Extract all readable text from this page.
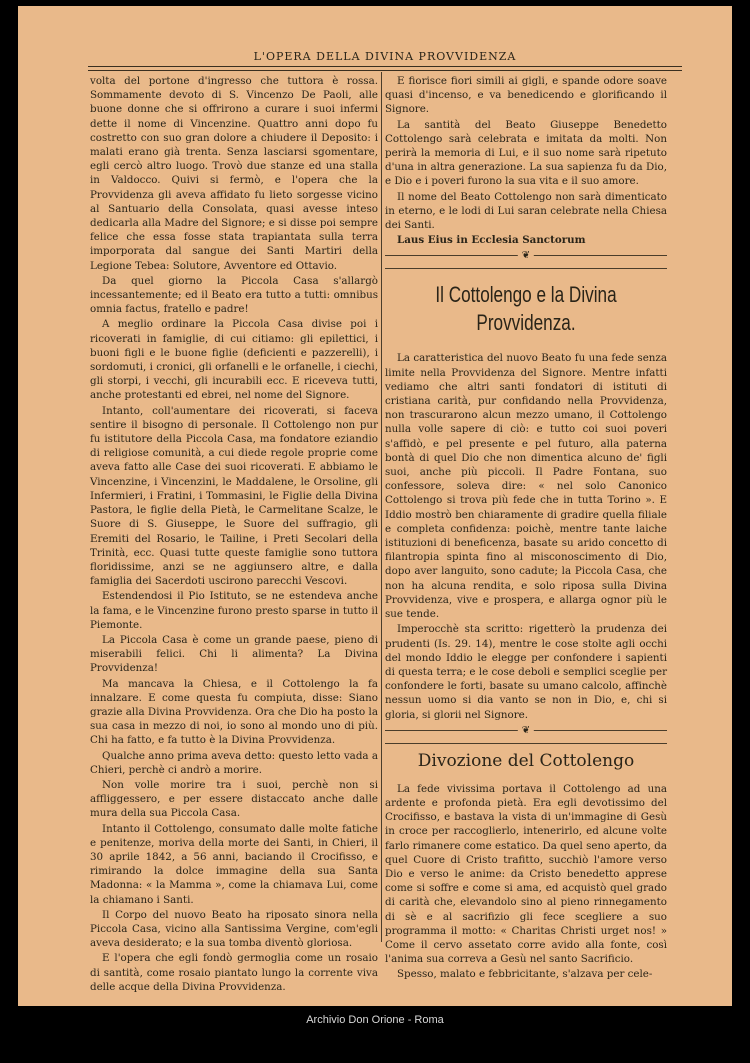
L'OPERA DELLA DIVINA PROVVIDENZA

volta del portone d'ingresso che tuttora è rossa. Sommamente devoto di S. Vincenzo De Paoli, alle buone donne che si offrirono a curare i suoi infermi dette il nome di Vincenzine. Quattro anni dopo fu costretto con suo gran dolore a chiudere il Deposito: i malati erano già trenta. Senza lasciarsi sgomentare, egli cercò altro luogo. Trovò due stanze ed una stalla in Valdocco. Quivi si fermò, e l'opera che la Provvidenza gli aveva affidato fu lieto sorgesse vicino al Santuario della Consolata, quasi avesse inteso dedicarla alla Madre del Signore; e si disse poi sempre felice che essa fosse stata trapiantata sulla terra imporporata dal sangue dei Santi Martiri della Legione Tebea: Solutore, Avventore ed Ottavio.

Da quel giorno la Piccola Casa s'allargò incessantemente; ed il Beato era tutto a tutti: omnibus omnia factus, fratello e padre!

A meglio ordinare la Piccola Casa divise poi i ricoverati in famiglie, di cui citiamo: gli epilettici, i buoni figli e le buone figlie (deficienti e pazzerelli), i sordomuti, i cronici, gli orfanelli e le orfanelle, i ciechi, gli storpi, i vecchi, gli incurabili ecc. E riceveva tutti, anche protestanti ed ebrei, nel nome del Signore.

Intanto, coll'aumentare dei ricoverati, si faceva sentire il bisogno di personale. Il Cottolengo non pur fu istitutore della Piccola Casa, ma fondatore eziandio di religiose comunità, a cui diede regole proprie come aveva fatto alle Case dei suoi ricoverati. E abbiamo le Vincenzine, i Vincenzini, le Maddalene, le Orsoline, gli Infermieri, i Fratini, i Tommasini, le Figlie della Divina Pastora, le figlie della Pietà, le Carmelitane Scalze, le Suore di S. Giuseppe, le Suore del suffragio, gli Eremiti del Rosario, le Tailine, i Preti Secolari della Trinità, ecc. Quasi tutte queste famiglie sono tuttora floridissime, anzi se ne aggiunsero altre, e dalla famiglia dei Sacerdoti uscirono parecchi Vescovi.

Estendendosi il Pio Istituto, se ne estendeva anche la fama, e le Vincenzine furono presto sparse in tutto il Piemonte.

La Piccola Casa è come un grande paese, pieno di miserabili felici. Chi li alimenta? La Divina Provvidenza!

Ma mancava la Chiesa, e il Cottolengo la fa innalzare. E come questa fu compiuta, disse: Siano grazie alla Divina Provvidenza. Ora che Dio ha posto la sua casa in mezzo di noi, io sono al mondo uno di più. Chi ha fatto, e fa tutto è la Divina Provvidenza.

Qualche anno prima aveva detto: questo letto vada a Chieri, perchè ci andrò a morire.

Non volle morire tra i suoi, perchè non si affliggessero, e per essere distaccato anche dalle mura della sua Piccola Casa.

Intanto il Cottolengo, consumato dalle molte fatiche e penitenze, moriva della morte dei Santi, in Chieri, il 30 aprile 1842, a 56 anni, baciando il Crocifisso, e rimirando la dolce immagine della sua Santa Madonna: « la Mamma », come la chiamava Lui, come la chiamano i Santi.

Il Corpo del nuovo Beato ha riposato sinora nella Piccola Casa, vicino alla Santissima Vergine, com'egli aveva desiderato; e la sua tomba diventò gloriosa.

E l'opera che egli fondò germoglia come un rosaio di santità, come rosaio piantato lungo la corrente viva delle acque della Divina Provvidenza.

E fiorisce fiori simili ai gigli, e spande odore soave quasi d'incenso, e va benedicendo e glorificando il Signore.

La santità del Beato Giuseppe Benedetto Cottolengo sarà celebrata e imitata da molti. Non perirà la memoria di Lui, e il suo nome sarà ripetuto d'una in altra generazione. La sua sapienza fu da Dio, e Dio e i poveri furono la sua vita e il suo amore.

Il nome del Beato Cottolengo non sarà dimenticato in eterno, e le lodi di Lui saran celebrate nella Chiesa dei Santi.

Laus Eius in Ecclesia Sanctorum

❦
Il Cottolengo e la Divina Provvidenza.

La caratteristica del nuovo Beato fu una fede senza limite nella Provvidenza del Signore. Mentre infatti vediamo che altri santi fondatori di istituti di cristiana carità, pur confidando nella Provvidenza, non trascurarono alcun mezzo umano, il Cottolengo nulla volle sapere di ciò: e tutto coi suoi poveri s'affidò, e pel presente e pel futuro, alla paterna bontà di quel Dio che non dimentica alcuno de' figli suoi, anche più piccoli. Il Padre Fontana, suo confessore, soleva dire: « nel solo Canonico Cottolengo si trova più fede che in tutta Torino ». E Iddio mostrò ben chiaramente di gradire quella filiale e completa confidenza: poichè, mentre tante laiche istituzioni di beneficenza, basate su arido concetto di filantropia spinta fino al misconoscimento di Dio, dopo aver languito, sono cadute; la Piccola Casa, che non ha alcuna rendita, e solo riposa sulla Divina Provvidenza, vive e prospera, e allarga ognor più le sue tende.

Imperocchè sta scritto: rigetterò la prudenza dei prudenti (Is. 29. 14), mentre le cose stolte agli occhi del mondo Iddio le elegge per confondere i sapienti di questa terra; e le cose deboli e semplici sceglie per confondere le forti, basate su umano calcolo, affinchè nessun uomo si dia vanto se non in Dio, e, chi si gloria, si glorii nel Signore.

❦
Divozione del Cottolengo

La fede vivissima portava il Cottolengo ad una ardente e profonda pietà. Era egli devotissimo del Crocifisso, e bastava la vista di un'immagine di Gesù in croce per raccoglierlo, intenerirlo, ed alcune volte farlo rimanere come estatico. Da quel seno aperto, da quel Cuore di Cristo trafitto, succhiò l'amore verso Dio e verso le anime: da Cristo benedetto apprese come si soffre e come si ama, ed acquistò quel grado di carità che, elevandolo sino al pieno rinnegamento di sè e al sacrifizio gli fece scegliere a suo programma il motto: « Charitas Christi urget nos! » Come il cervo assetato corre avido alla fonte, così l'anima sua correva a Gesù nel santo Sacrificio.

Spesso, malato e febbricitante, s'alzava per cele-

Archivio Don Orione - Roma
